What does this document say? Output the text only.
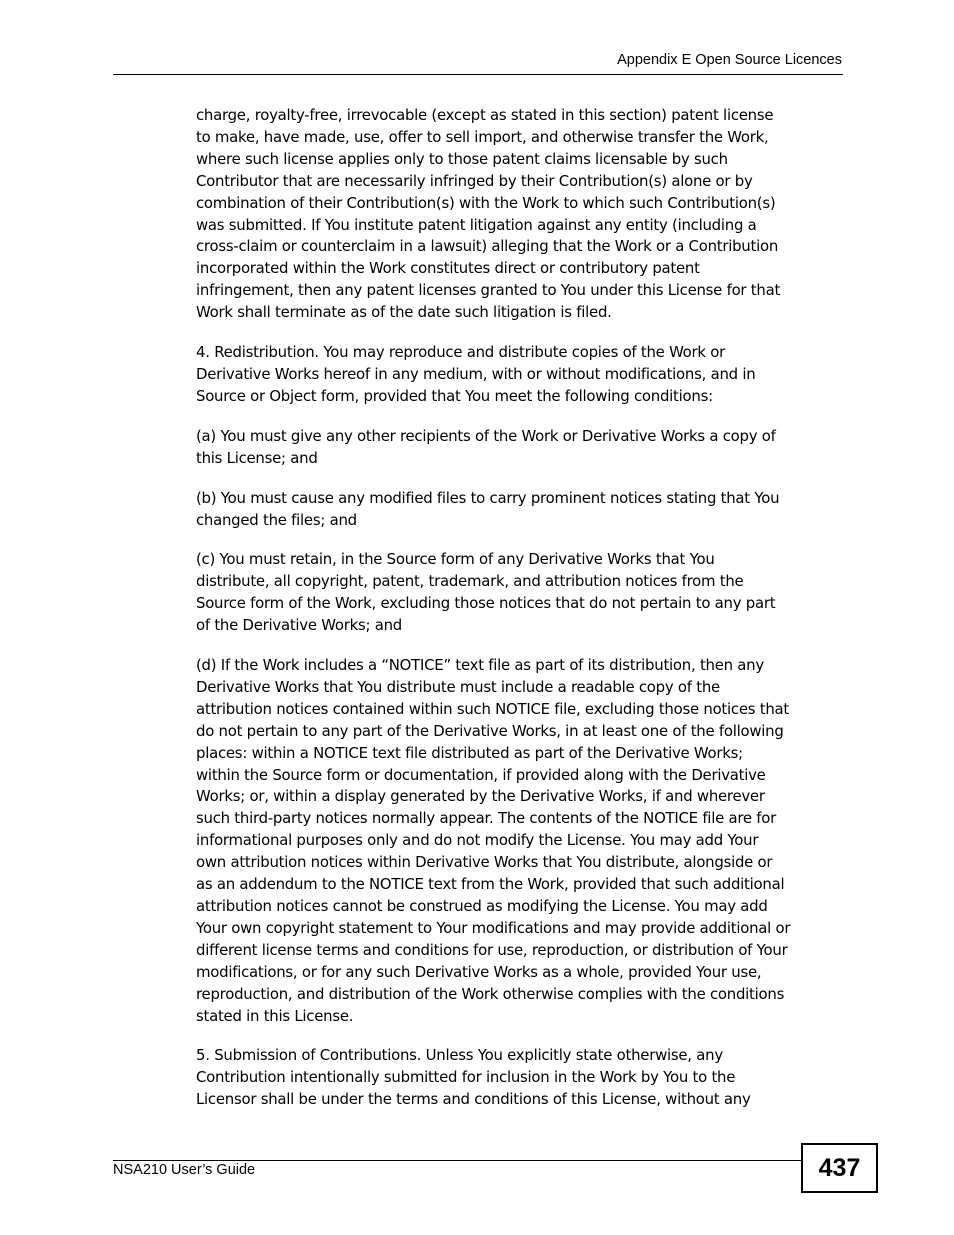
Appendix E Open Source Licences

charge, royalty-free, irrevocable (except as stated in this section) patent license
to make, have made, use, offer to sell import, and otherwise transfer the Work,
where such license applies only to those patent claims licensable by such
Contributor that are necessarily infringed by their Contribution(s) alone or by
combination of their Contribution(s) with the Work to which such Contribution(s)
was submitted. If You institute patent litigation against any entity (including a
cross-claim or counterclaim in a lawsuit) alleging that the Work or a Contribution
incorporated within the Work constitutes direct or contributory patent
infringement, then any patent licenses granted to You under this License for that
Work shall terminate as of the date such litigation is filed.

4. Redistribution. You may reproduce and distribute copies of the Work or
Derivative Works hereof in any medium, with or without modifications, and in
Source or Object form, provided that You meet the following conditions:

(a) You must give any other recipients of the Work or Derivative Works a copy of
this License; and

(b) You must cause any modified files to carry prominent notices stating that You
changed the files; and

(c) You must retain, in the Source form of any Derivative Works that You
distribute, all copyright, patent, trademark, and attribution notices from the
Source form of the Work, excluding those notices that do not pertain to any part
of the Derivative Works; and

(d) If the Work includes a “NOTICE” text file as part of its distribution, then any
Derivative Works that You distribute must include a readable copy of the
attribution notices contained within such NOTICE file, excluding those notices that
do not pertain to any part of the Derivative Works, in at least one of the following
places: within a NOTICE text file distributed as part of the Derivative Works;
within the Source form or documentation, if provided along with the Derivative
Works; or, within a display generated by the Derivative Works, if and wherever
such third-party notices normally appear. The contents of the NOTICE file are for
informational purposes only and do not modify the License. You may add Your
own attribution notices within Derivative Works that You distribute, alongside or
as an addendum to the NOTICE text from the Work, provided that such additional
attribution notices cannot be construed as modifying the License. You may add
Your own copyright statement to Your modifications and may provide additional or
different license terms and conditions for use, reproduction, or distribution of Your
modifications, or for any such Derivative Works as a whole, provided Your use,
reproduction, and distribution of the Work otherwise complies with the conditions
stated in this License.

5. Submission of Contributions. Unless You explicitly state otherwise, any
Contribution intentionally submitted for inclusion in the Work by You to the
Licensor shall be under the terms and conditions of this License, without any

NSA210 User’s Guide	437
